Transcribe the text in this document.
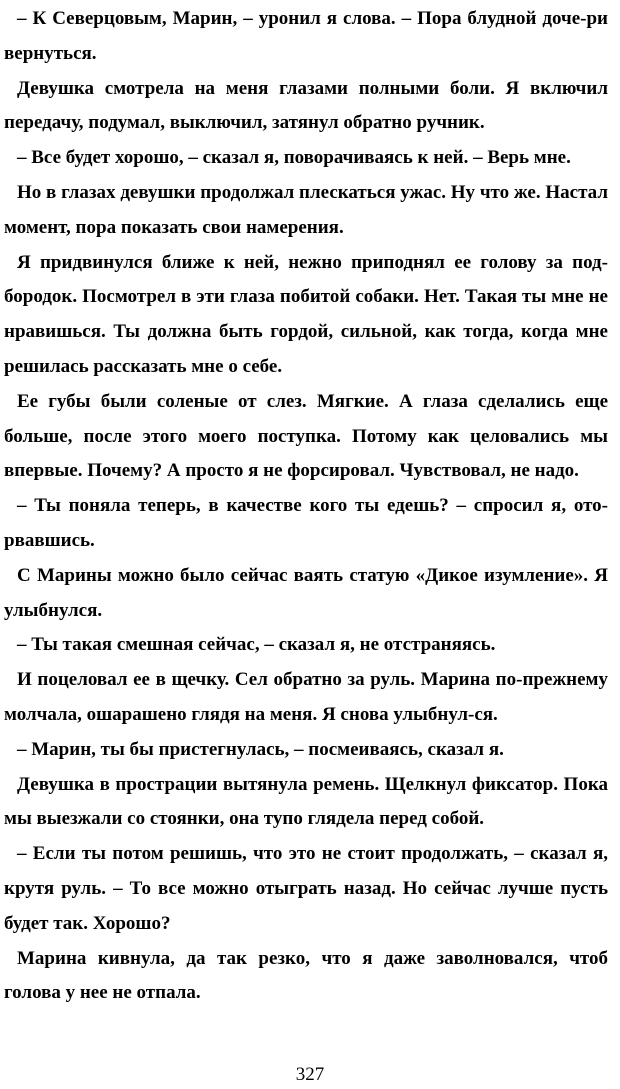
– К Северцовым, Марин, – уронил я слова. – Пора блудной доче-ри вернуться.

Девушка смотрела на меня глазами полными боли. Я включил передачу, подумал, выключил, затянул обратно ручник.

– Все будет хорошо, – сказал я, поворачиваясь к ней. – Верь мне.

Но в глазах девушки продолжал плескаться ужас. Ну что же. Настал момент, пора показать свои намерения.

Я придвинулся ближе к ней, нежно приподнял ее голову за под-бородок. Посмотрел в эти глаза побитой собаки. Нет. Такая ты мне не нравишься. Ты должна быть гордой, сильной, как тогда, когда мне решилась рассказать мне о себе.

Ее губы были соленые от слез. Мягкие. А глаза сделались еще больше, после этого моего поступка. Потому как целовались мы впервые. Почему? А просто я не форсировал. Чувствовал, не надо.

– Ты поняла теперь, в качестве кого ты едешь? – спросил я, ото-рвавшись.

С Марины можно было сейчас ваять статую «Дикое изумление». Я улыбнулся.

– Ты такая смешная сейчас, – сказал я, не отстраняясь.

И поцеловал ее в щечку. Сел обратно за руль. Марина по-прежнему молчала, ошарашено глядя на меня. Я снова улыбнул-ся.

– Марин, ты бы пристегнулась, – посмеиваясь, сказал я.

Девушка в прострации вытянула ремень. Щелкнул фиксатор. Пока мы выезжали со стоянки, она тупо глядела перед собой.

– Если ты потом решишь, что это не стоит продолжать, – сказал я, крутя руль. – То все можно отыграть назад. Но сейчас лучше пусть будет так. Хорошо?

Марина кивнула, да так резко, что я даже заволновался, чтоб голова у нее не отпала.

327
